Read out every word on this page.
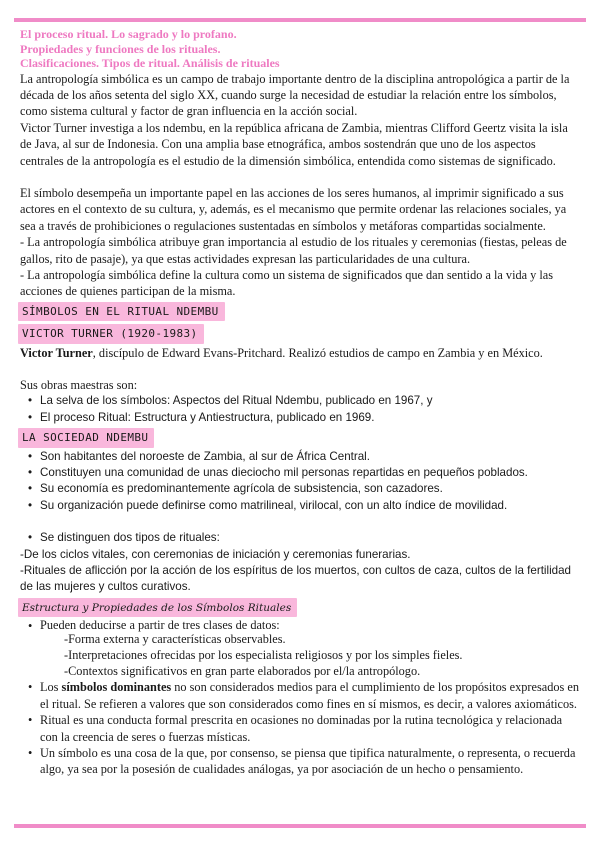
El proceso ritual. Lo sagrado y lo profano.
Propiedades y funciones de los rituales.
Clasificaciones. Tipos de ritual. Análisis de rituales

La antropología simbólica es un campo de trabajo importante dentro de la disciplina antropológica a partir de la década de los años setenta del siglo XX, cuando surge la necesidad de estudiar la relación entre los símbolos, como sistema cultural y factor de gran influencia en la acción social.

Victor Turner investiga a los ndembu, en la república africana de Zambia, mientras Clifford Geertz visita la isla de Java, al sur de Indonesia. Con una amplia base etnográfica, ambos sostendrán que uno de los aspectos centrales de la antropología es el estudio de la dimensión simbólica, entendida como sistemas de significado.

El símbolo desempeña un importante papel en las acciones de los seres humanos, al imprimir significado a sus actores en el contexto de su cultura, y, además, es el mecanismo que permite ordenar las relaciones sociales, ya sea a través de prohibiciones o regulaciones sustentadas en símbolos y metáforas compartidas socialmente.

- La antropología simbólica atribuye gran importancia al estudio de los rituales y ceremonias (fiestas, peleas de gallos, rito de pasaje), ya que estas actividades expresan las particularidades de una cultura.

- La antropología simbólica define la cultura como un sistema de significados que dan sentido a la vida y las acciones de quienes participan de la misma.

SÍMBOLOS EN EL RITUAL NDEMBU
VICTOR TURNER (1920-1983)

Victor Turner, discípulo de Edward Evans-Pritchard. Realizó estudios de campo en Zambia y en México.

Sus obras maestras son:

• La selva de los símbolos: Aspectos del Ritual Ndembu, publicado en 1967, y
• El proceso Ritual: Estructura y Antiestructura, publicado en 1969.
LA SOCIEDAD NDEMBU
• Son habitantes del noroeste de Zambia, al sur de África Central.
• Constituyen una comunidad de unas dieciocho mil personas repartidas en pequeños poblados.
• Su economía es predominantemente agrícola de subsistencia, son cazadores.
• Su organización puede definirse como matrilineal, virilocal, con un alto índice de movilidad.
• Se distinguen dos tipos de rituales:

-De los ciclos vitales, con ceremonias de iniciación y ceremonias funerarias.

-Rituales de aflicción por la acción de los espíritus de los muertos, con cultos de caza, cultos de la fertilidad de las mujeres y cultos curativos.

Estructura y Propiedades de los Símbolos Rituales
• Pueden deducirse a partir de tres clases de datos:
-Forma externa y características observables.
-Interpretaciones ofrecidas por los especialista religiosos y por los simples fieles.
-Contextos significativos en gran parte elaborados por el/la antropólogo.
• Los símbolos dominantes no son considerados medios para el cumplimiento de los propósitos expresados en el ritual. Se refieren a valores que son considerados como fines en sí mismos, es decir, a valores axiomáticos.
• Ritual es una conducta formal prescrita en ocasiones no dominadas por la rutina tecnológica y relacionada con la creencia de seres o fuerzas místicas.
• Un símbolo es una cosa de la que, por consenso, se piensa que tipifica naturalmente, o representa, o recuerda algo, ya sea por la posesión de cualidades análogas, ya por asociación de un hecho o pensamiento.
